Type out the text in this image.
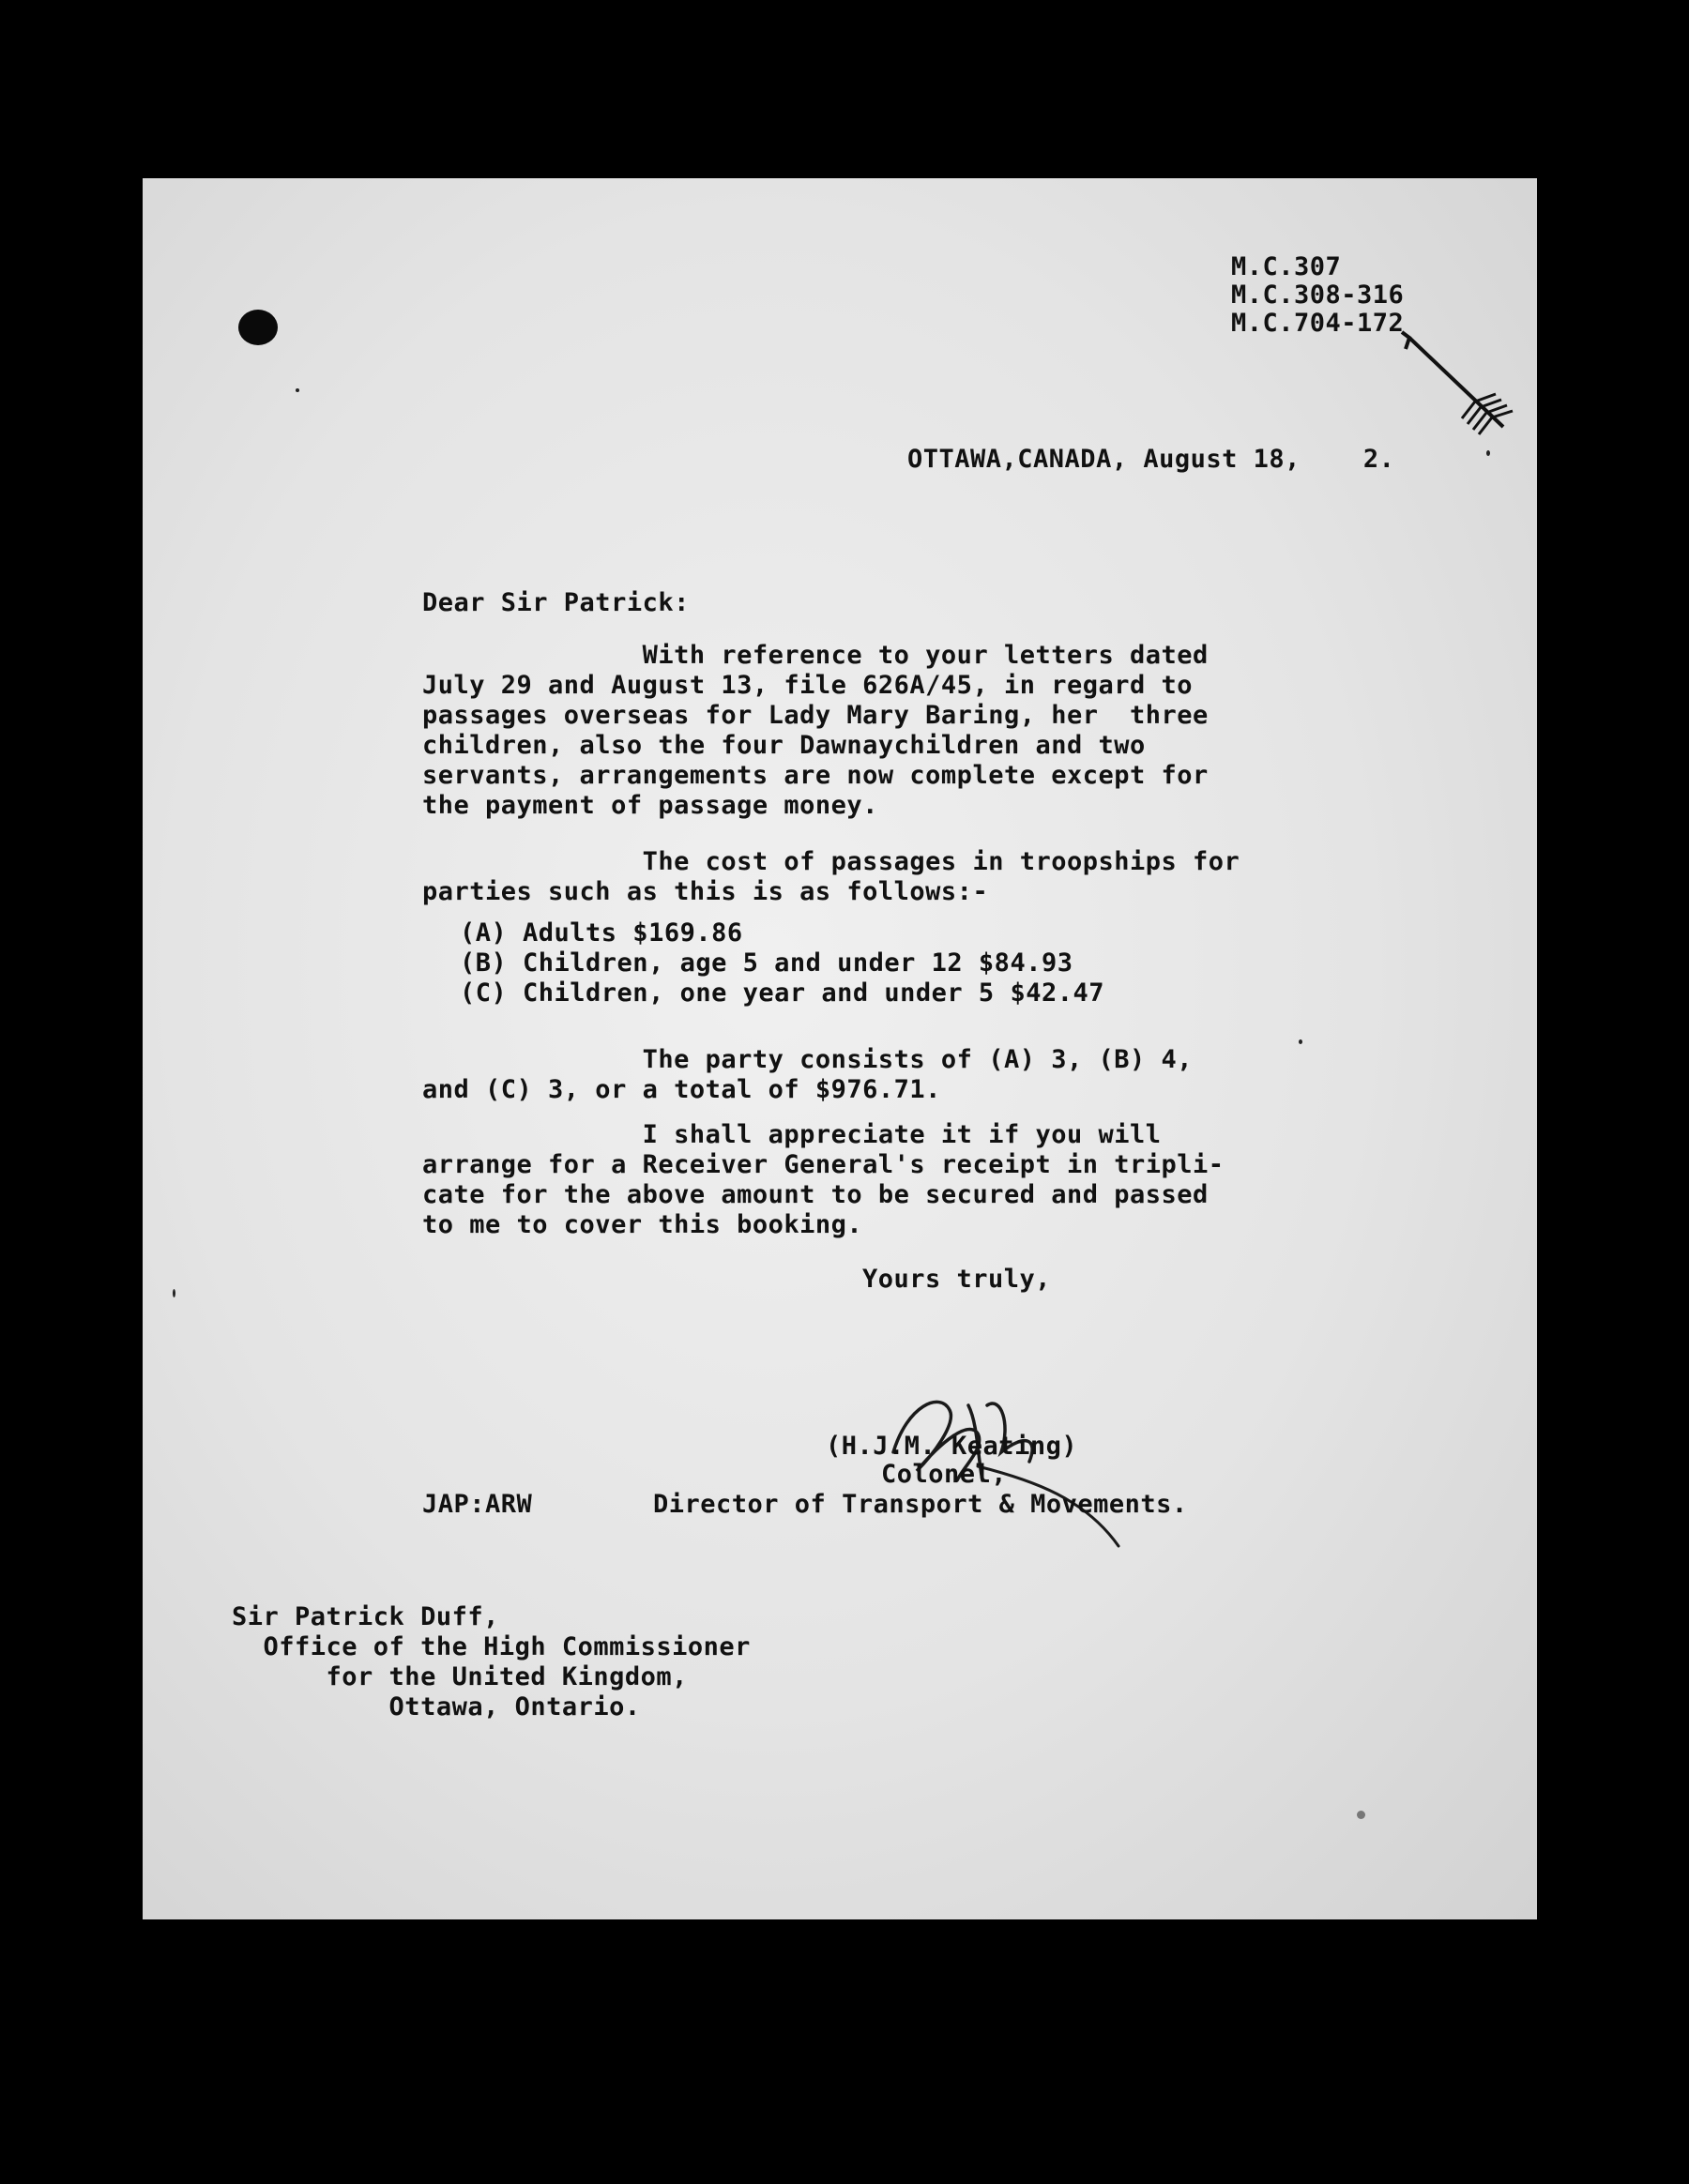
M.C.307
M.C.308-316
M.C.704-172
OTTAWA,CANADA, August 18,    2.
Dear Sir Patrick:
With reference to your letters dated
July 29 and August 13, file 626A/45, in regard to
passages overseas for Lady Mary Baring, her  three
children, also the four Dawnaychildren and two
servants, arrangements are now complete except for
the payment of passage money.
The cost of passages in troopships for
parties such as this is as follows:-
(A) Adults $169.86
(B) Children, age 5 and under 12 $84.93
(C) Children, one year and under 5 $42.47
The party consists of (A) 3, (B) 4,
and (C) 3, or a total of $976.71.
I shall appreciate it if you will
arrange for a Receiver General's receipt in tripli-
cate for the above amount to be secured and passed
to me to cover this booking.
Yours truly,
(H.J.M. Keating)
Colonel,
JAP:ARW	Director of Transport & Movements.
Sir Patrick Duff,
Office of the High Commissioner
for the United Kingdom,
Ottawa, Ontario.
